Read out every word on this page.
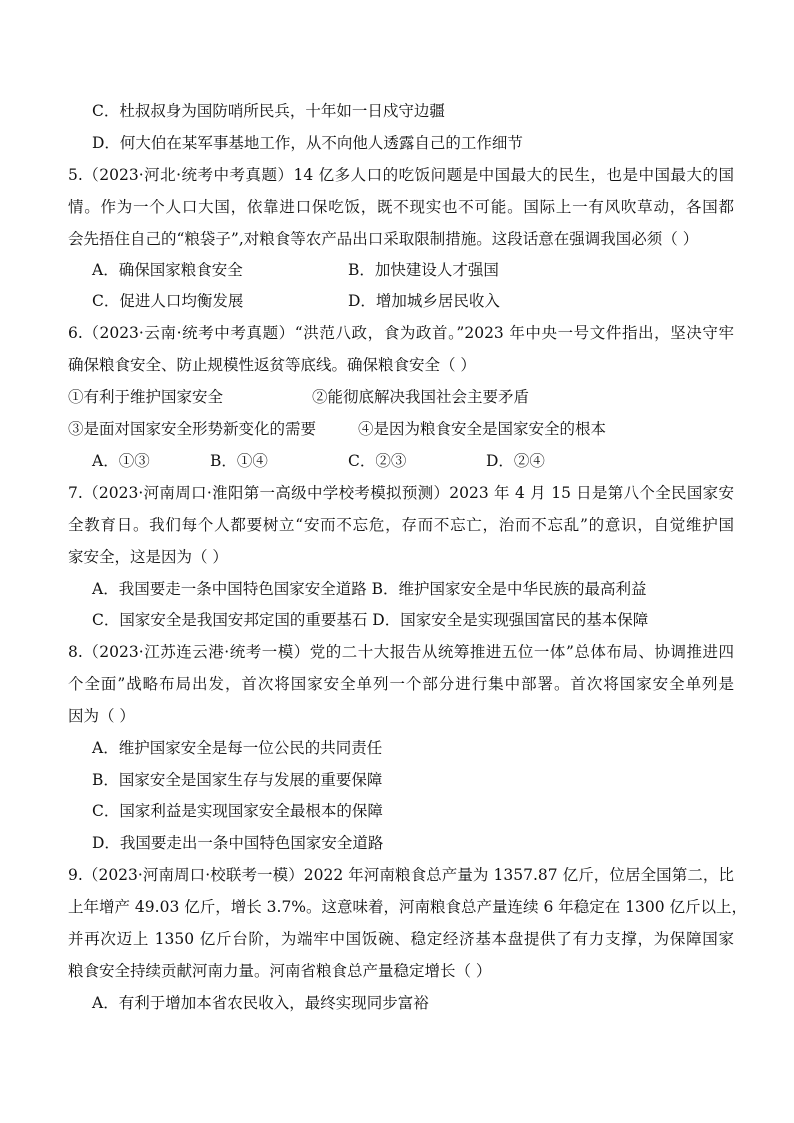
C．杜叔叔身为国防哨所民兵，十年如一日戍守边疆
D．何大伯在某军事基地工作，从不向他人透露自己的工作细节
5.（2023·河北·统考中考真题）14 亿多人口的吃饭问题是中国最大的民生，也是中国最大的国
情。作为一个人口大国，依靠进口保吃饭，既不现实也不可能。国际上一有风吹草动，各国都
会先捂住自己的“粮袋子”,对粮食等农产品出口采取限制措施。这段话意在强调我国必须（ ）
A．确保国家粮食安全	B．加快建设人才强国
C．促进人口均衡发展	D．增加城乡居民收入
6.（2023·云南·统考中考真题）“洪范八政，食为政首。”2023 年中央一号文件指出，坚决守牢
确保粮食安全、防止规模性返贫等底线。确保粮食安全（ ）
①有利于维护国家安全	②能彻底解决我国社会主要矛盾
③是面对国家安全形势新变化的需要	④是因为粮食安全是国家安全的根本
A．①③	B．①④	C．②③	D．②④
7.（2023·河南周口·淮阳第一高级中学校考模拟预测）2023 年 4 月 15 日是第八个全民国家安
全教育日。我们每个人都要树立“安而不忘危，存而不忘亡，治而不忘乱”的意识，自觉维护国
家安全，这是因为（ ）
A．我国要走一条中国特色国家安全道路 B．维护国家安全是中华民族的最高利益
C．国家安全是我国安邦定国的重要基石 D．国家安全是实现强国富民的基本保障
8.（2023·江苏连云港·统考一模）党的二十大报告从统筹推进五位一体”总体布局、协调推进四
个全面”战略布局出发，首次将国家安全单列一个部分进行集中部署。首次将国家安全单列是
因为（ ）
A．维护国家安全是每一位公民的共同责任
B．国家安全是国家生存与发展的重要保障
C．国家利益是实现国家安全最根本的保障
D．我国要走出一条中国特色国家安全道路
9.（2023·河南周口·校联考一模）2022 年河南粮食总产量为 1357.87 亿斤，位居全国第二，比
上年增产 49.03 亿斤，增长 3.7%。这意味着，河南粮食总产量连续 6 年稳定在 1300 亿斤以上，
并再次迈上 1350 亿斤台阶，为端牢中国饭碗、稳定经济基本盘提供了有力支撑，为保障国家
粮食安全持续贡献河南力量。河南省粮食总产量稳定增长（ ）
A．有利于增加本省农民收入，最终实现同步富裕
